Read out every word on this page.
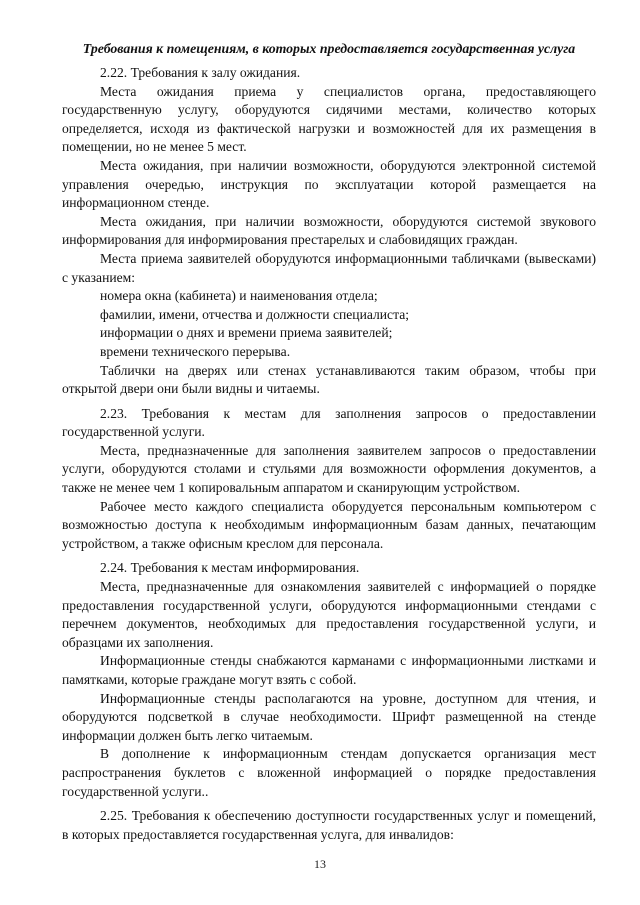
Требования к помещениям, в которых предоставляется государственная услуга

2.22. Требования к залу ожидания.

Места ожидания приема у специалистов органа, предоставляющего государственную услугу, оборудуются сидячими местами, количество которых определяется, исходя из фактической нагрузки и возможностей для их размещения в помещении, но не менее 5 мест.

Места ожидания, при наличии возможности, оборудуются электронной системой управления очередью, инструкция по эксплуатации которой размещается на информационном стенде.

Места ожидания, при наличии возможности, оборудуются системой звукового информирования для информирования престарелых и слабовидящих граждан.

Места приема заявителей оборудуются информационными табличками (вывесками) с указанием:

номера окна (кабинета) и наименования отдела;

фамилии, имени, отчества и должности специалиста;

информации о днях и времени приема заявителей;

времени технического перерыва.

Таблички на дверях или стенах устанавливаются таким образом, чтобы при открытой двери они были видны и читаемы.

2.23. Требования к местам для заполнения запросов о предоставлении государственной услуги.

Места, предназначенные для заполнения заявителем запросов о предоставлении услуги, оборудуются столами и стульями для возможности оформления документов, а также не менее чем 1 копировальным аппаратом и сканирующим устройством.

Рабочее место каждого специалиста оборудуется персональным компьютером с возможностью доступа к необходимым информационным базам данных, печатающим устройством, а также офисным креслом для персонала.

2.24. Требования к местам информирования.

Места, предназначенные для ознакомления заявителей с информацией о порядке предоставления государственной услуги, оборудуются информационными стендами с перечнем документов, необходимых для предоставления государственной услуги, и образцами их заполнения.

Информационные стенды снабжаются карманами с информационными листками и памятками, которые граждане могут взять с собой.

Информационные стенды располагаются на уровне, доступном для чтения, и оборудуются подсветкой в случае необходимости. Шрифт размещенной на стенде информации должен быть легко читаемым.

В дополнение к информационным стендам допускается организация мест распространения буклетов с вложенной информацией о порядке предоставления государственной услуги..

2.25. Требования к обеспечению доступности государственных услуг и помещений, в которых предоставляется государственная услуга, для инвалидов:

13
